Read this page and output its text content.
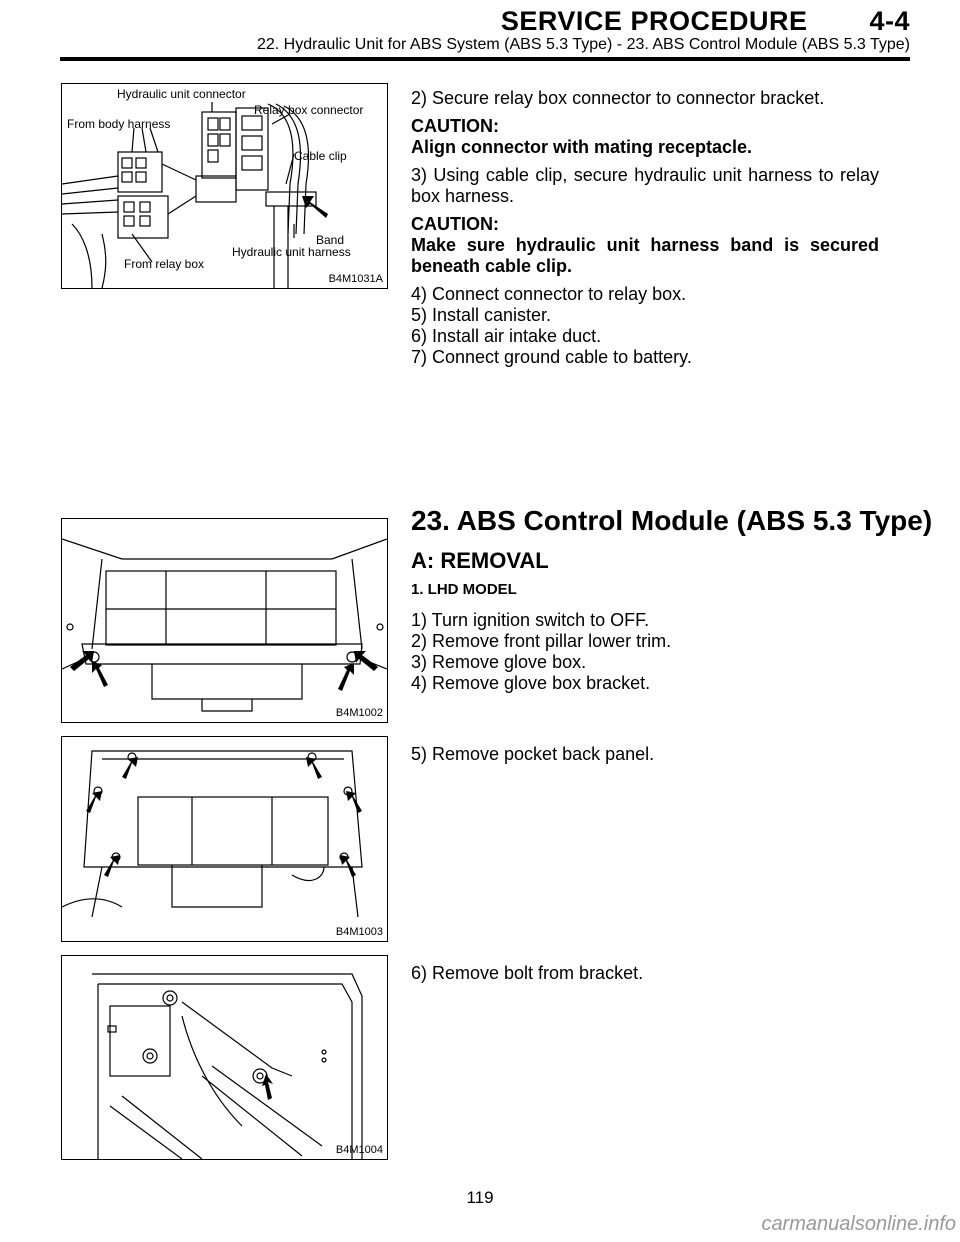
SERVICE PROCEDURE 4-4
22. Hydraulic Unit for ABS System (ABS 5.3 Type) - 23. ABS Control Module (ABS 5.3 Type)
Hydraulic unit connector
Relay box connector
From body harness
Cable clip
Band
Hydraulic unit harness
From relay box
B4M1031A

2) Secure relay box connector to connector bracket.

CAUTION:

Align connector with mating receptacle.

3) Using cable clip, secure hydraulic unit harness to relay box harness.

CAUTION:

Make sure hydraulic unit harness band is secured beneath cable clip.

4) Connect connector to relay box.

5) Install canister.

6) Install air intake duct.

7) Connect ground cable to battery.

23. ABS Control Module (ABS 5.3 Type)
A: REMOVAL
1. LHD MODEL
B4M1002

1) Turn ignition switch to OFF.

2) Remove front pillar lower trim.

3) Remove glove box.

4) Remove glove box bracket.

B4M1003

5) Remove pocket back panel.

B4M1004

6) Remove bolt from bracket.

119
carmanualsonline.info
